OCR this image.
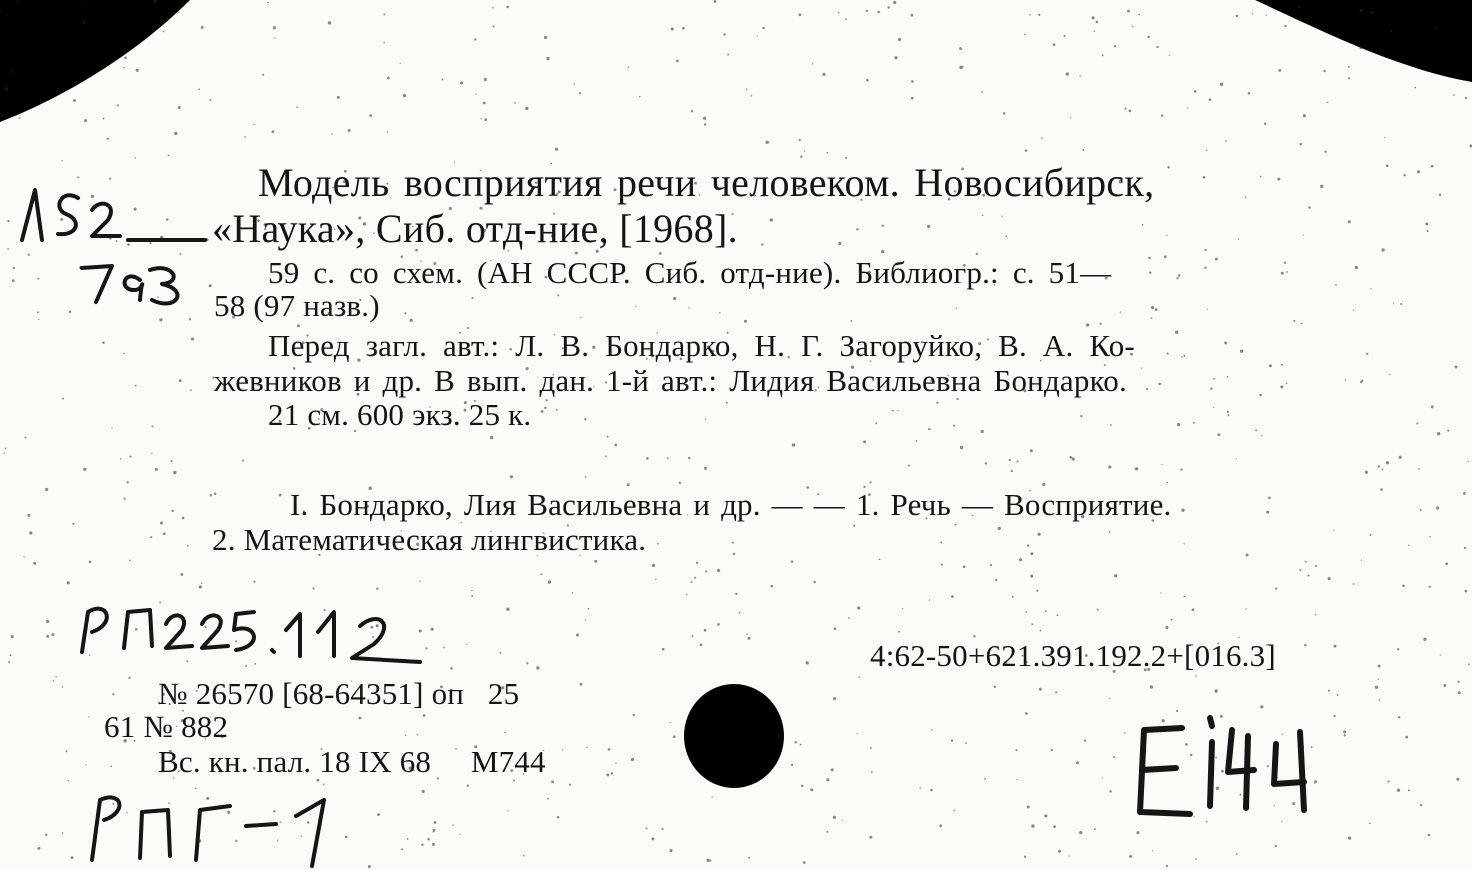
Модель восприятия речи человеком. Новосибирск,
«Наука», Сиб. отд-ние, [1968].
59 с. со схем. (АН СССР. Сиб. отд-ние). Библиогр.: с. 51—
58 (97 назв.)
Перед загл. авт.: Л. В. Бондарко, Н. Г. Загоруйко, В. А. Ко-
жевников и др. В вып. дан. 1-й авт.: Лидия Васильевна Бондарко.
21 см. 600 экз. 25 к.
I. Бондарко, Лия Васильевна и др. — — 1. Речь — Восприятие.
2. Математическая лингвистика.
4:62-50+621.391.192.2+[016.3]
№ 26570 [68-64351] оп   25
61 № 882
Вс. кн. пал. 18 IX 68     М744
